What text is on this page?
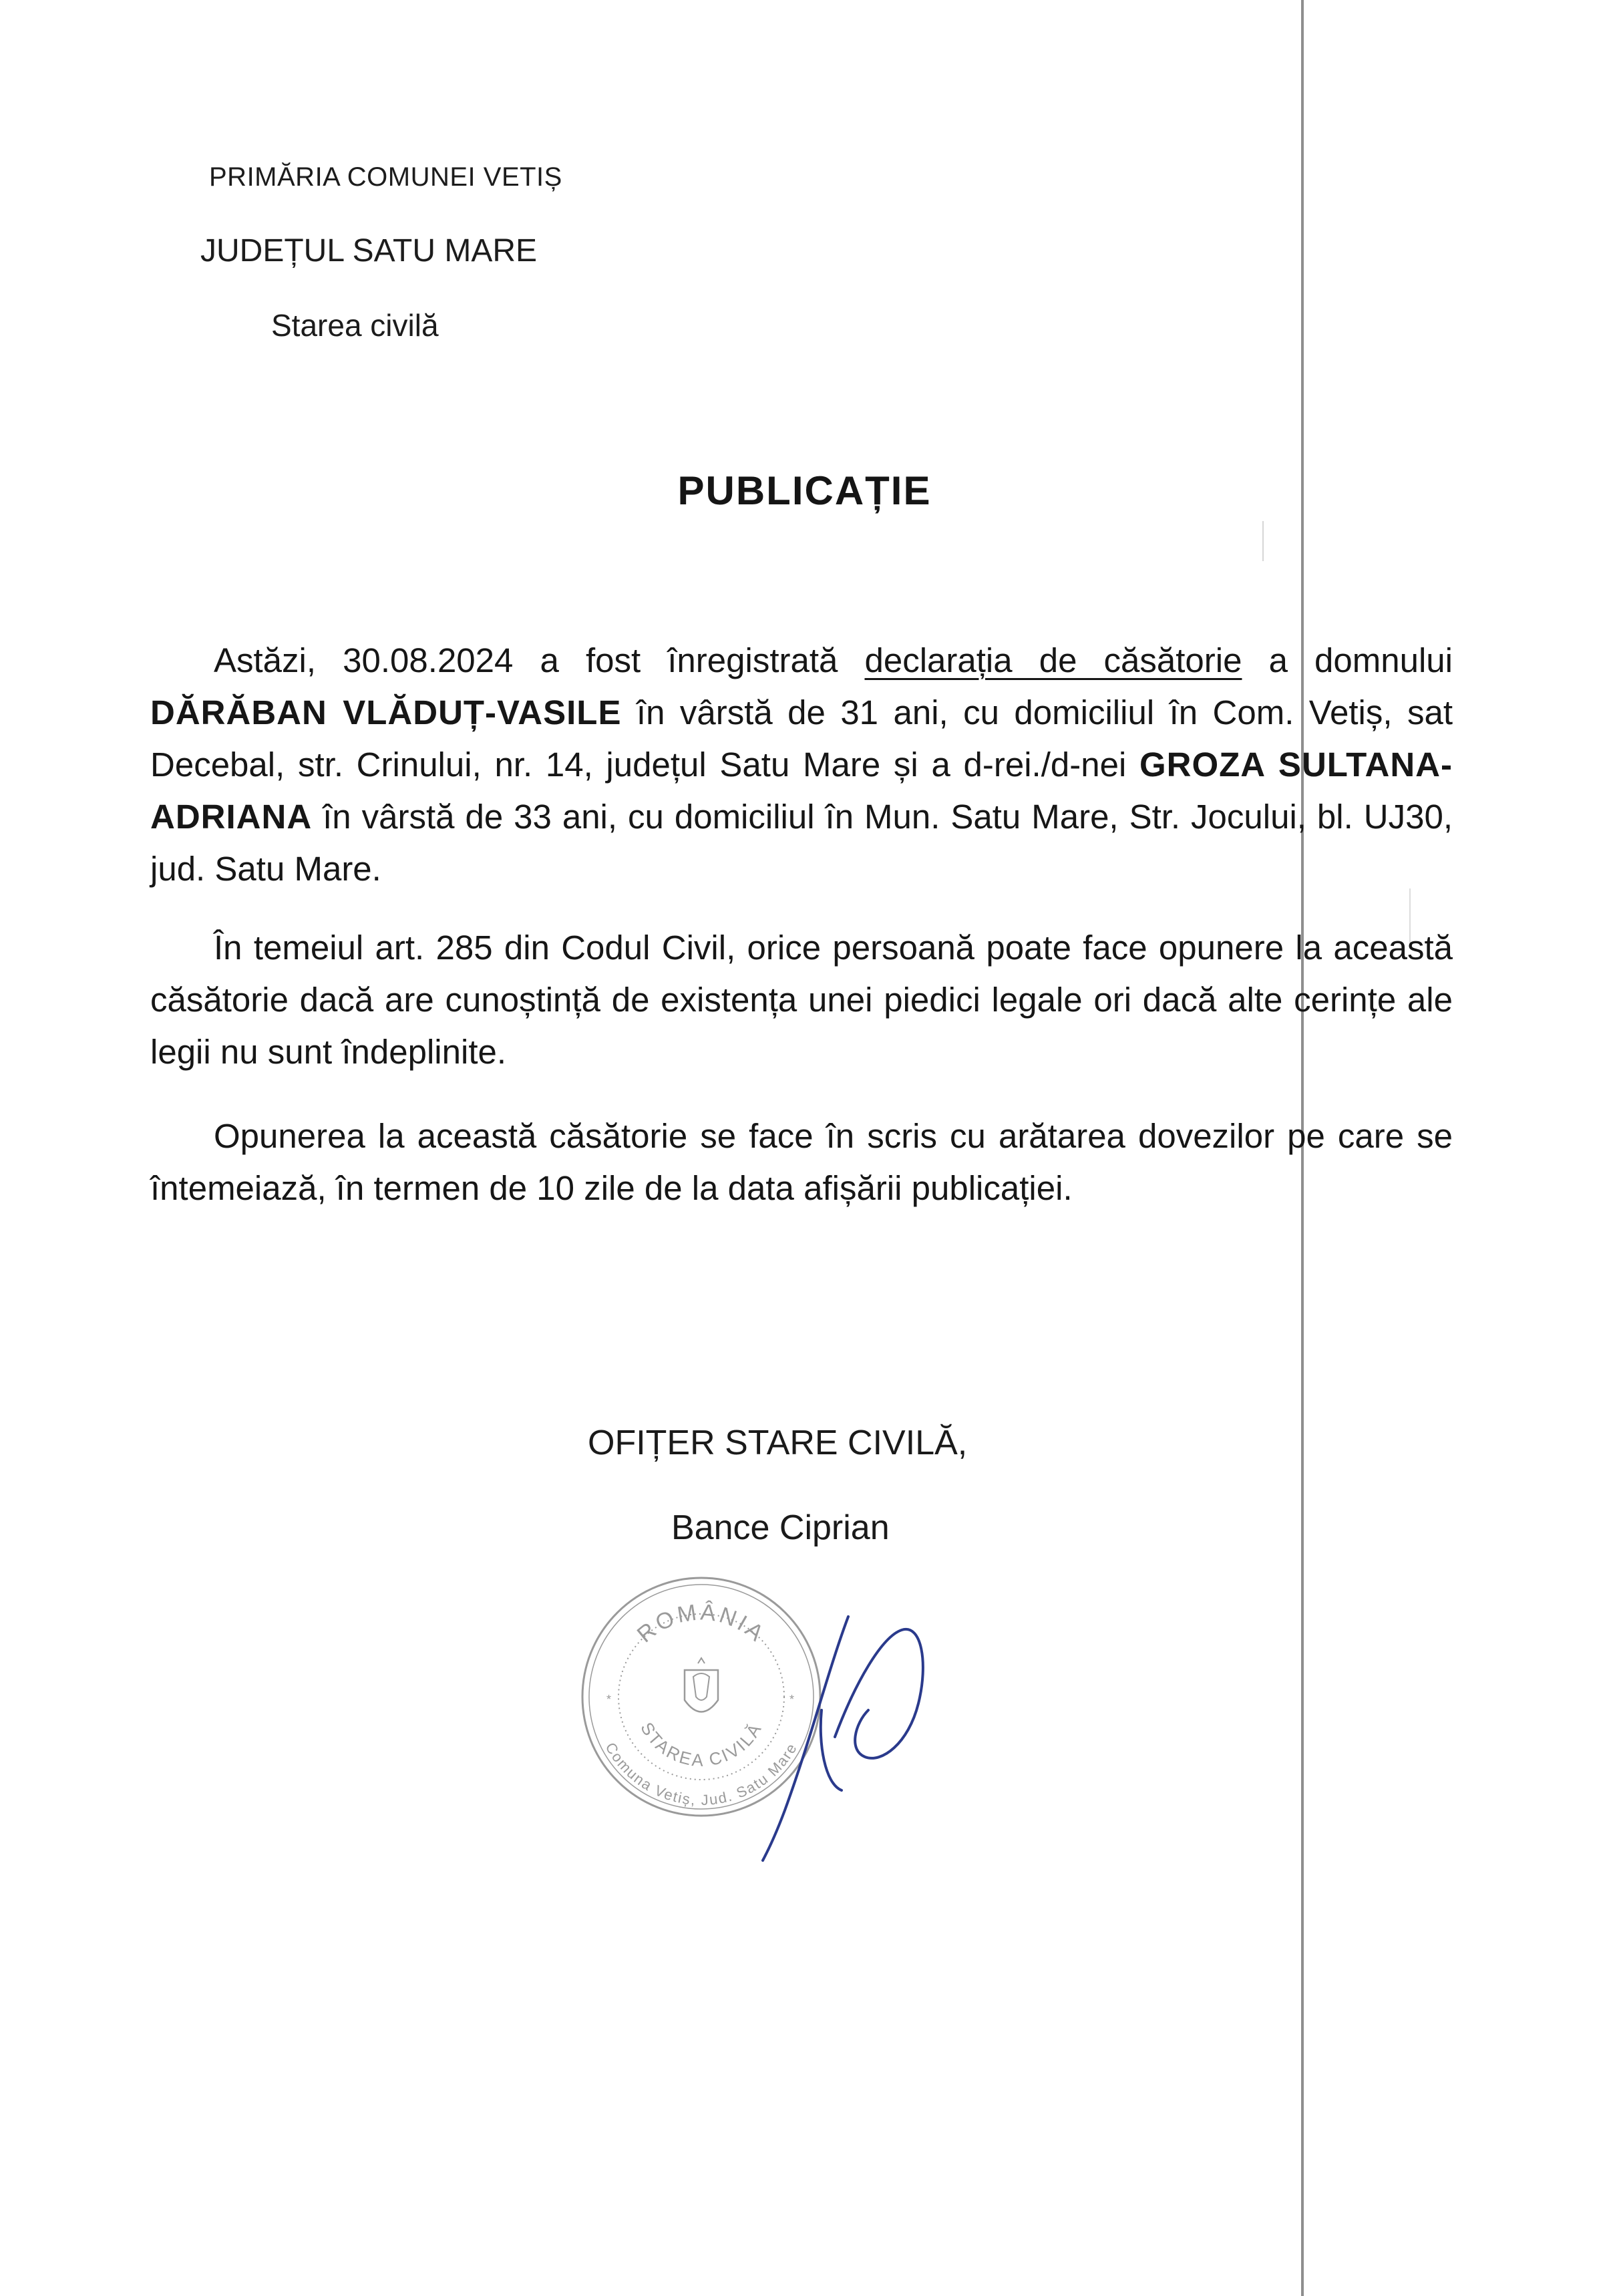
PRIMĂRIA COMUNEI VETIȘ

JUDEȚUL SATU MARE

Starea civilă

PUBLICAȚIE

Astăzi, 30.08.2024 a fost înregistrată declarația de căsătorie a domnului DĂRĂBAN VLĂDUȚ-VASILE în vârstă de 31 ani, cu domiciliul în Com. Vetiș, sat Decebal, str. Crinului, nr. 14, județul Satu Mare și a d-rei./d-nei GROZA SULTANA-ADRIANA în vârstă de 33 ani, cu domiciliul în Mun. Satu Mare, Str. Jocului, bl. UJ30, jud. Satu Mare.

În temeiul art. 285 din Codul Civil, orice persoană poate face opunere la această căsătorie dacă are cunoștință de existența unei piedici legale ori dacă alte cerințe ale legii nu sunt îndeplinite.

Opunerea la această căsătorie se face în scris cu arătarea dovezilor pe care se întemeiază, în termen de 10 zile de la data afișării publicației.

OFIȚER STARE CIVILĂ,

Bance Ciprian

ROMÂNIA
STAREA CIVILĂ
Comuna Vetiș, Jud. Satu Mare
*	*
